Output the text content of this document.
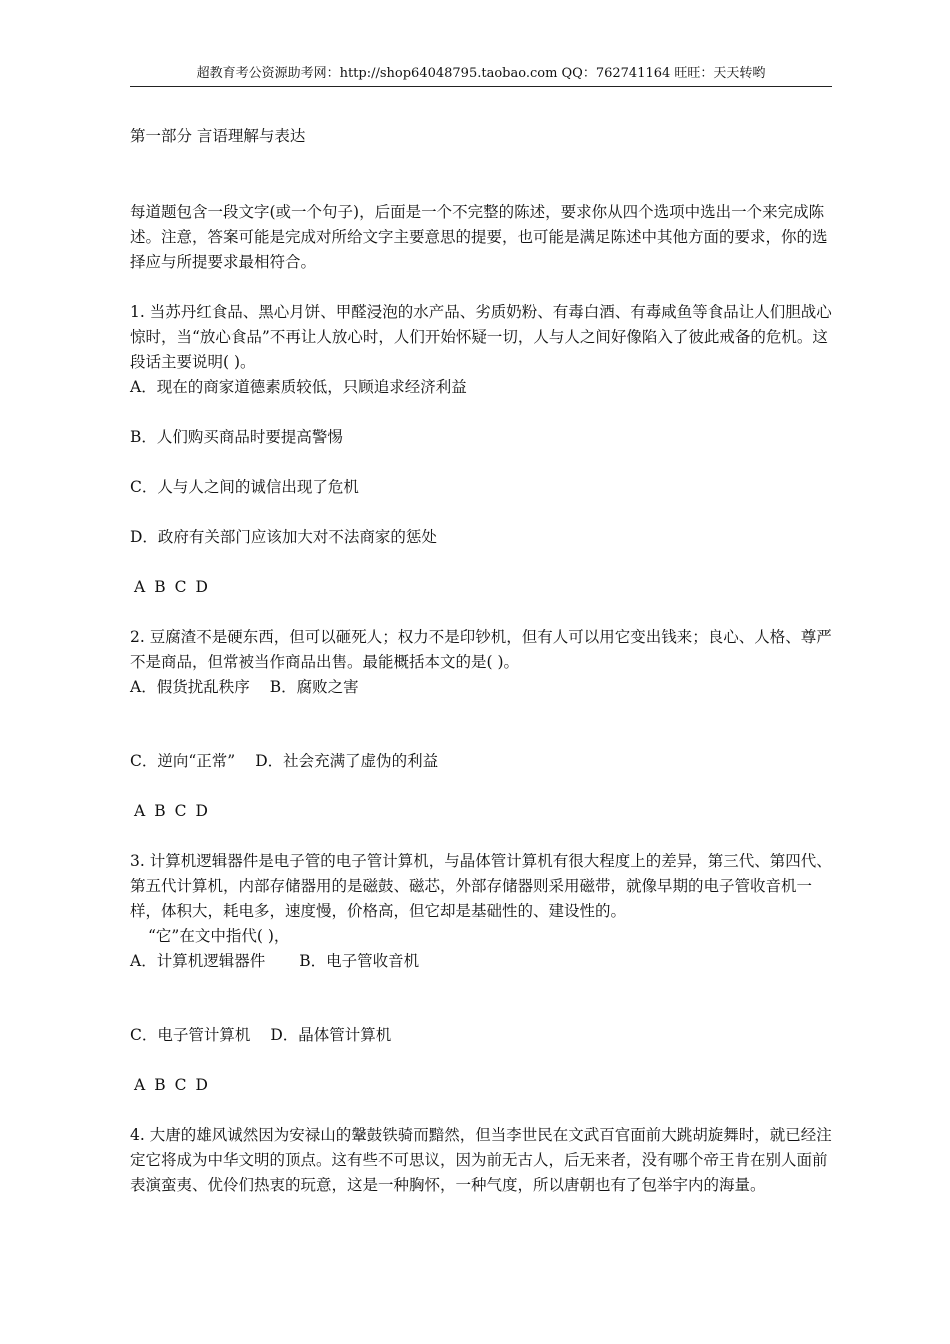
超教育考公资源助考网：http://shop64048795.taobao.com QQ：762741164 旺旺：天天转哟

第一部分 言语理解与表达

每道题包含一段文字(或一个句子)，后面是一个不完整的陈述，要求你从四个选项中选出一个来完成陈述。注意，答案可能是完成对所给文字主要意思的提要，也可能是满足陈述中其他方面的要求，你的选择应与所提要求最相符合。

1. 当苏丹红食品、黑心月饼、甲醛浸泡的水产品、劣质奶粉、有毒白酒、有毒咸鱼等食品让人们胆战心惊时，当“放心食品”不再让人放心时，人们开始怀疑一切，人与人之间好像陷入了彼此戒备的危机。这段话主要说明( )。

A．现在的商家道德素质较低，只顾追求经济利益

B．人们购买商品时要提高警惕

C．人与人之间的诚信出现了危机

D．政府有关部门应该加大对不法商家的惩处

A B C D

2. 豆腐渣不是硬东西，但可以砸死人；权力不是印钞机，但有人可以用它变出钱来；良心、人格、尊严不是商品，但常被当作商品出售。最能概括本文的是( )。

A．假货扰乱秩序 B．腐败之害

C．逆向“正常” D．社会充满了虚伪的利益

A B C D

3. 计算机逻辑器件是电子管的电子管计算机，与晶体管计算机有很大程度上的差异，第三代、第四代、第五代计算机，内部存储器用的是磁鼓、磁芯，外部存储器则采用磁带，就像早期的电子管收音机一样，体积大，耗电多，速度慢，价格高，但它却是基础性的、建设性的。

“它”在文中指代( )，

A．计算机逻辑器件 B．电子管收音机

C．电子管计算机 D．晶体管计算机

A B C D

4. 大唐的雄风诚然因为安禄山的鞶鼓铁骑而黯然，但当李世民在文武百官面前大跳胡旋舞时，就已经注定它将成为中华文明的顶点。这有些不可思议，因为前无古人，后无来者，没有哪个帝王肯在别人面前表演蛮夷、优伶们热衷的玩意，这是一种胸怀，一种气度，所以唐朝也有了包举宇内的海量。
